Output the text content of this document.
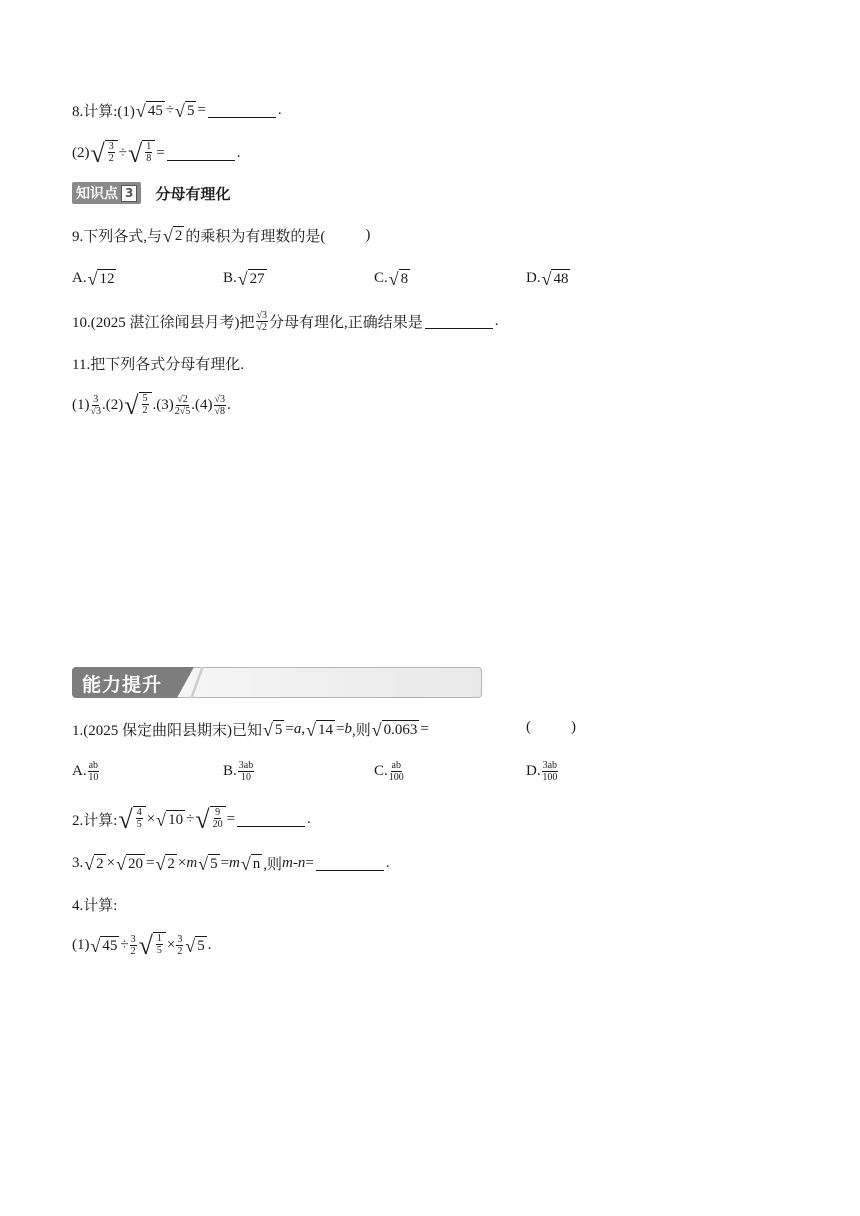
8.计算:(1) √ 45 ÷ √ 5 =	.
(2) √ $\frac{3}{2}$ ÷ √ $\frac{1}{8}$ =	.
知识点 3 分母有理化
9.下列各式,与 √ 2 的乘积为有理数的是(	)
A. √ 12	B. √ 27	C. √ 8	D. √ 48
10.(2025 湛江徐闻县月考)把 $\frac{√3}{√2}$ 分母有理化,正确结果是	.
11.把下列各式分母有理化.
$(1) \frac{3}{√3} .(2)$ √ $\frac{5}{2} .(3) \frac{√2}{2√5} .(4) \frac{√3}{√8}$ .
能力提升
1.(2025 保定曲阳县期末)已知 √ 5 = a , √ 14 = b ,则 √ 0.063 =	(	)
A. $\frac{ab}{10}$	B. $\frac{3ab}{10}$	C. $\frac{ab}{100}$	D. $\frac{3ab}{100}$
2.计算: √ $\frac{4}{5}$ × √ 10 ÷ √ $\frac{9}{20}$ =	.
3. √ 2 × √ 20 = √ 2 × m √ 5 = m √ n ,则 m-n =	.
4.计算:
(1) √ $45 \div \frac{3}{2}$ √ $\frac{1}{5} \times \frac{3}{2}$ √ 5 .
